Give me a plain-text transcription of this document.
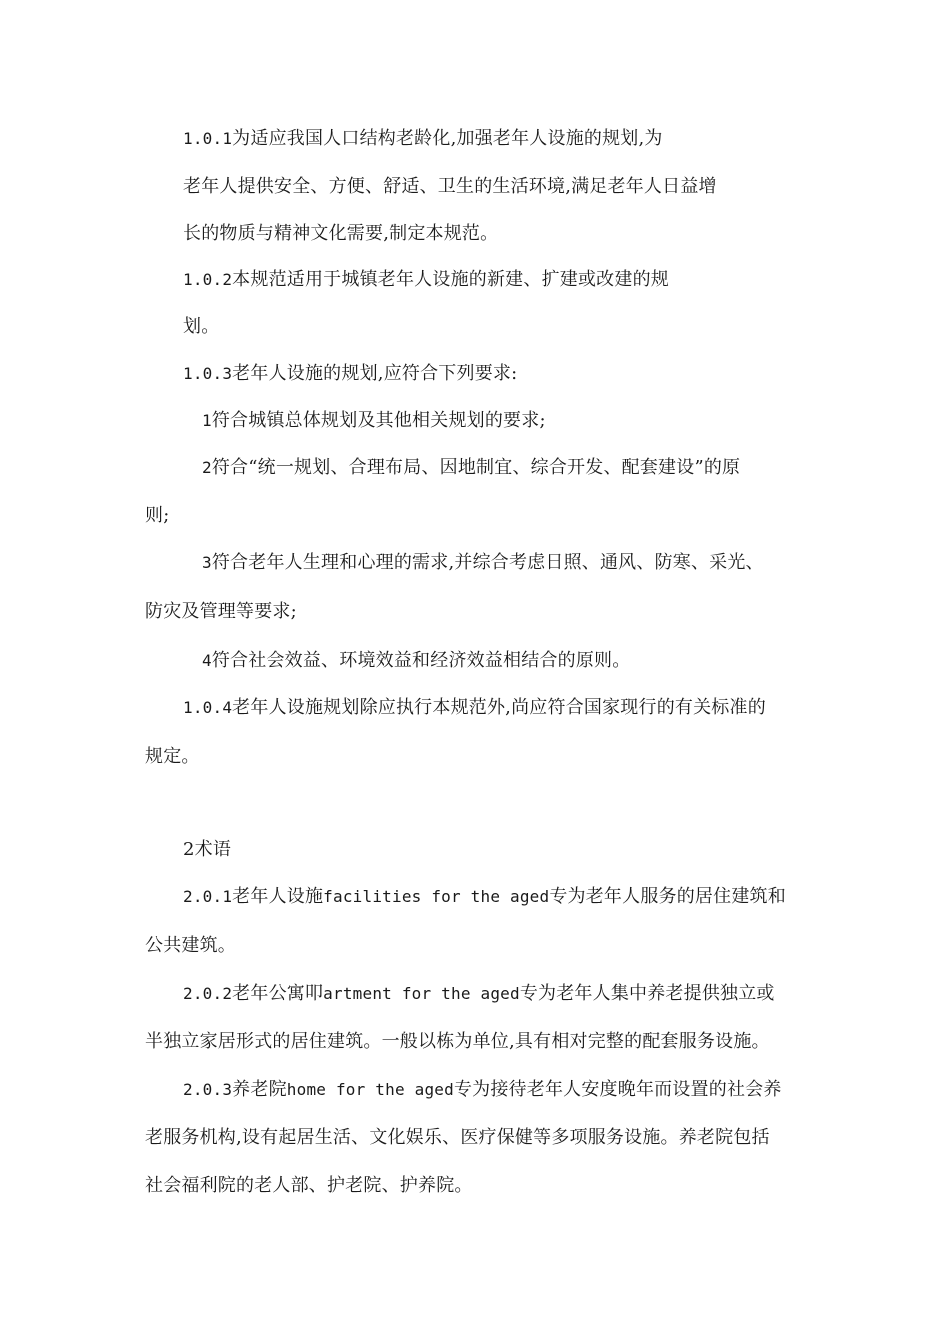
1.0.1为适应我国人口结构老龄化,加强老年人设施的规划,为
老年人提供安全、方便、舒适、卫生的生活环境,满足老年人日益增
长的物质与精神文化需要,制定本规范。
1.0.2本规范适用于城镇老年人设施的新建、扩建或改建的规
划。
1.0.3老年人设施的规划,应符合下列要求:
1符合城镇总体规划及其他相关规划的要求;
2符合“统一规划、合理布局、因地制宜、综合开发、配套建设”的原
则;
3符合老年人生理和心理的需求,并综合考虑日照、通风、防寒、采光、
防灾及管理等要求;
4符合社会效益、环境效益和经济效益相结合的原则。
1.0.4老年人设施规划除应执行本规范外,尚应符合国家现行的有关标准的
规定。
2术语
2.0.1老年人设施facilities for the aged专为老年人服务的居住建筑和
公共建筑。
2.0.2老年公寓叩artment for the aged专为老年人集中养老提供独立或
半独立家居形式的居住建筑。一般以栋为单位,具有相对完整的配套服务设施。
2.0.3养老院home for the aged专为接待老年人安度晚年而设置的社会养
老服务机构,设有起居生活、文化娱乐、医疗保健等多项服务设施。养老院包括
社会福利院的老人部、护老院、护养院。
